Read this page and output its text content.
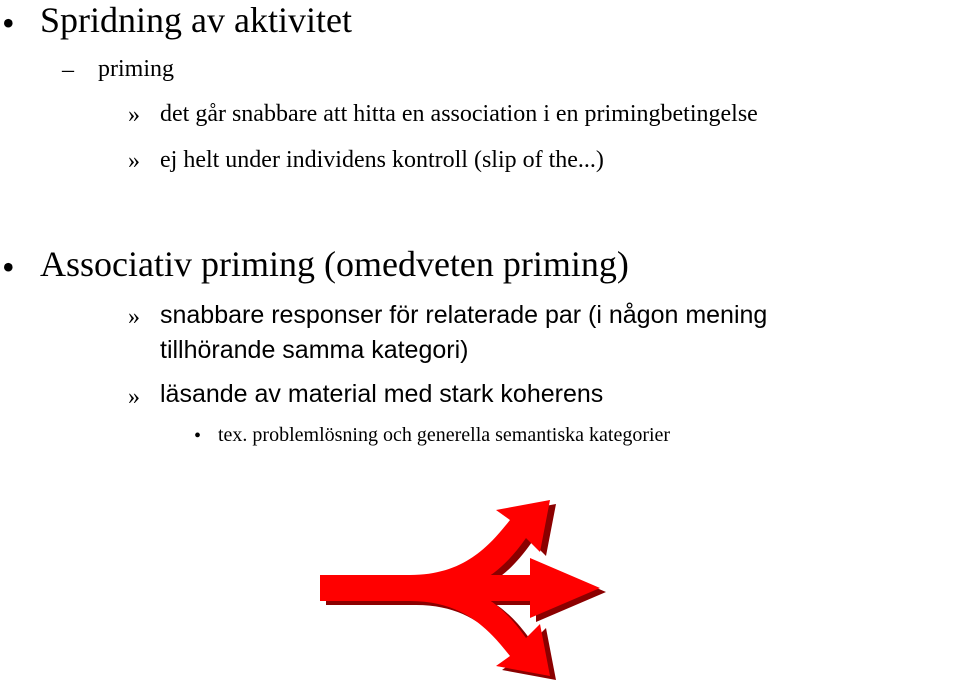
• Spridning av aktivitet
– priming
» det går snabbare att hitta en association i en primingbetingelse
» ej helt under individens kontroll (slip of the...)
• Associativ priming (omedveten priming)
» snabbare responser för relaterade par (i någon mening
tillhörande samma kategori)
» läsande av material med stark koherens
• tex. problemlösning och generella semantiska kategorier
